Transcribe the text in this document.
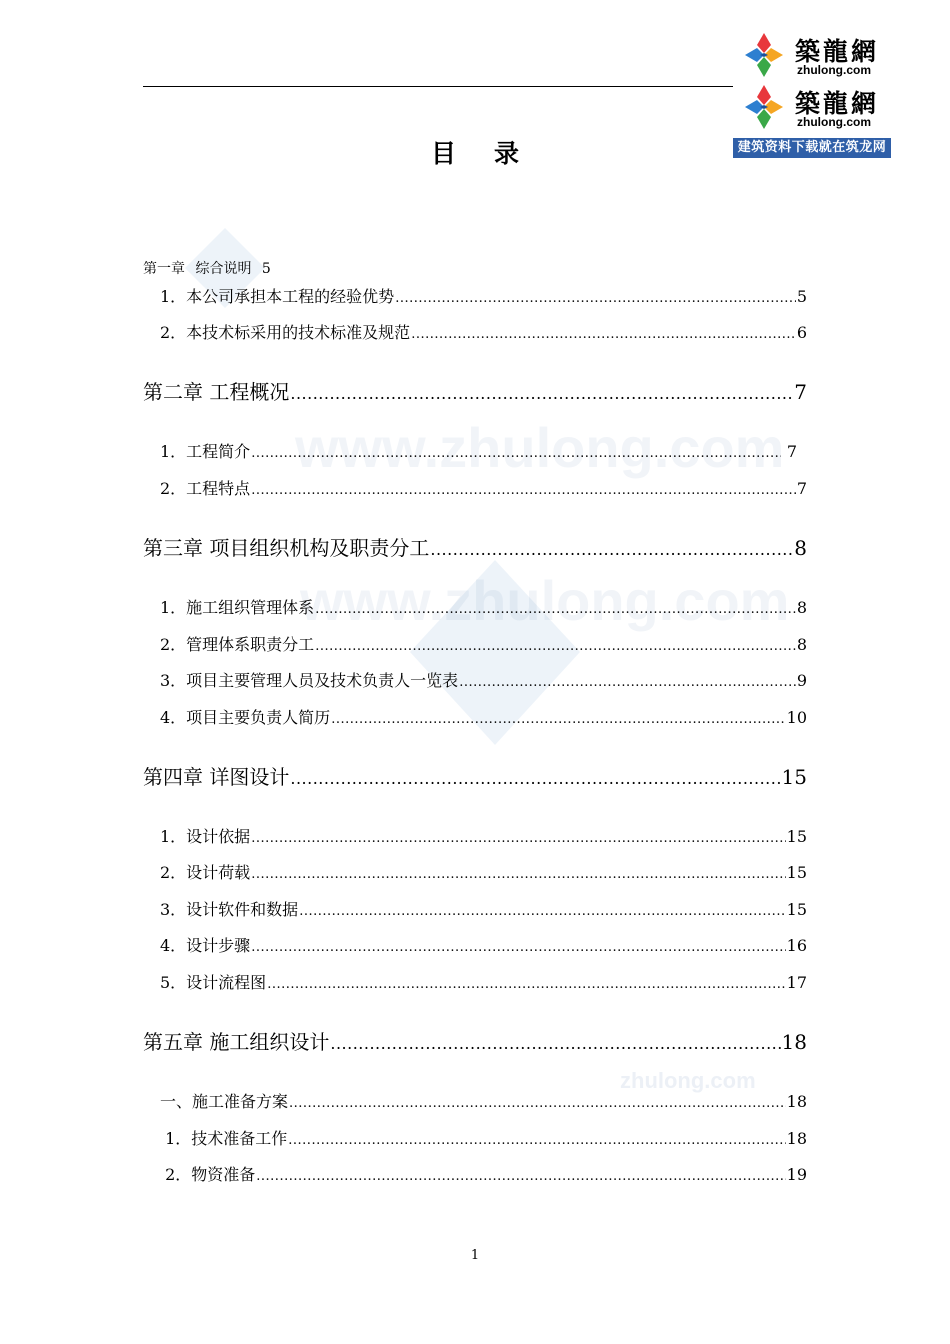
築龍網
zhulong.com
築龍網
zhulong.com
建筑资料下载就在筑龙网
www.zhulong.com
www.zhulong.com
zhulong.com
目录
第一章 综合说明 5
1．本公司承担本工程的经验优势 .....	5
2．本技术标采用的技术标准及规范 .....	6
第二章 工程概况 .....	7
1．工程简介 .....	7
2．工程特点 .....	7
第三章 项目组织机构及职责分工 .....	8
1．施工组织管理体系 .....	8
2．管理体系职责分工 .....	8
3．项目主要管理人员及技术负责人一览表 .....	9
4．项目主要负责人简历 .....	10
第四章 详图设计 .....	15
1．设计依据 .....	15
2．设计荷载 .....	15
3．设计软件和数据 .....	15
4．设计步骤 .....	16
5．设计流程图 .....	17
第五章 施工组织设计 .....	18
一、施工准备方案 .....	18
1．技术准备工作 .....	18
2．物资准备 .....	19
1
